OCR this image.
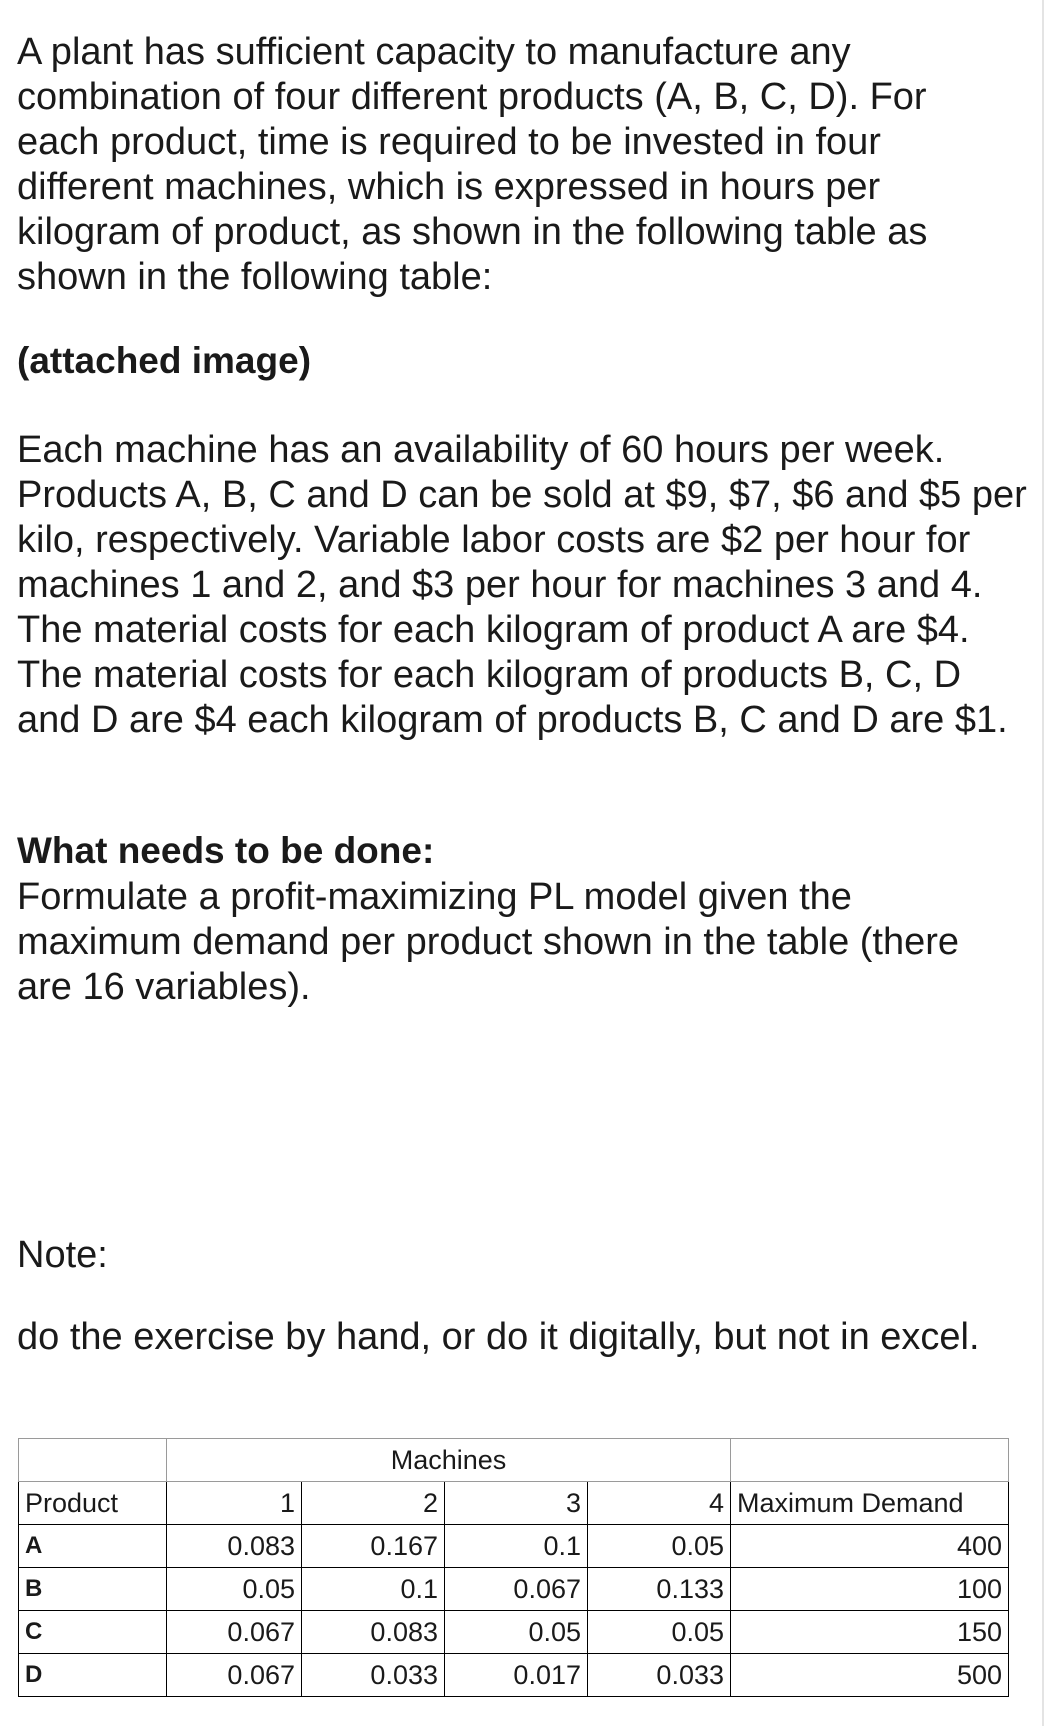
A plant has sufficient capacity to manufacture any combination of four different products (A, B, C, D). For each product, time is required to be invested in four different machines, which is expressed in hours per kilogram of product, as shown in the following table as shown in the following table:

(attached image)

Each machine has an availability of 60 hours per week. Products A, B, C and D can be sold at $9, $7, $6 and $5 per kilo, respectively. Variable labor costs are $2 per hour for machines 1 and 2, and $3 per hour for machines 3 and 4. The material costs for each kilogram of product A are $4. The material costs for each kilogram of products B, C, D and D are $4 each kilogram of products B, C and D are $1.

What needs to be done:

Formulate a profit-maximizing PL model given the maximum demand per product shown in the table (there are 16 variables).

Note:
do the exercise by hand, or do it digitally, but not in excel.
	Machines				
Product	1	2	3	4	Maximum Demand
A	0.083	0.167	0.1	0.05	400
B	0.05	0.1	0.067	0.133	100
C	0.067	0.083	0.05	0.05	150
D	0.067	0.033	0.017	0.033	500
